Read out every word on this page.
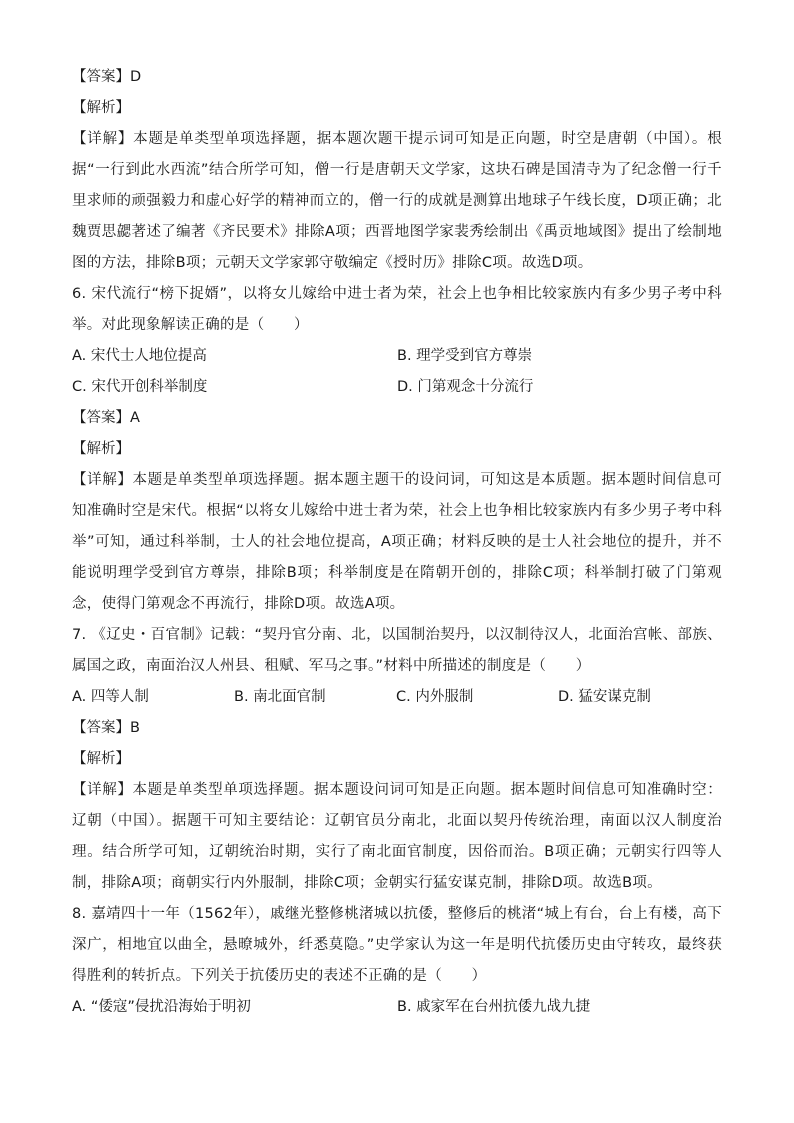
【答案】D
【解析】
【详解】本题是单类型单项选择题，据本题次题干提示词可知是正向题，时空是唐朝（中国）。根据“一行到此水西流”结合所学可知，僧一行是唐朝天文学家，这块石碑是国清寺为了纪念僧一行千里求师的顽强毅力和虚心好学的精神而立的，僧一行的成就是测算出地球子午线长度，D项正确；北魏贾思勰著述了编著《齐民要术》排除A项；西晋地图学家裴秀绘制出《禹贡地域图》提出了绘制地图的方法，排除B项；元朝天文学家郭守敬编定《授时历》排除C项。故选D项。
6. 宋代流行“榜下捉婿”，以将女儿嫁给中进士者为荣，社会上也争相比较家族内有多少男子考中科举。对此现象解读正确的是（　　）
A. 宋代士人地位提高	B. 理学受到官方尊崇
C. 宋代开创科举制度	D. 门第观念十分流行
【答案】A
【解析】
【详解】本题是单类型单项选择题。据本题主题干的设问词，可知这是本质题。据本题时间信息可知准确时空是宋代。根据“以将女儿嫁给中进士者为荣，社会上也争相比较家族内有多少男子考中科举”可知，通过科举制，士人的社会地位提高，A项正确；材料反映的是士人社会地位的提升，并不能说明理学受到官方尊崇，排除B项；科举制度是在隋朝开创的，排除C项；科举制打破了门第观念，使得门第观念不再流行，排除D项。故选A项。
7. 《辽史・百官制》记载：“契丹官分南、北，以国制治契丹，以汉制待汉人，北面治宫帐、部族、属国之政，南面治汉人州县、租赋、军马之事。”材料中所描述的制度是（　　）
A. 四等人制	B. 南北面官制	C. 内外服制	D. 猛安谋克制
【答案】B
【解析】
【详解】本题是单类型单项选择题。据本题设问词可知是正向题。据本题时间信息可知准确时空：辽朝（中国）。据题干可知主要结论：辽朝官员分南北，北面以契丹传统治理，南面以汉人制度治理。结合所学可知，辽朝统治时期，实行了南北面官制度，因俗而治。B项正确；元朝实行四等人制，排除A项；商朝实行内外服制，排除C项；金朝实行猛安谋克制，排除D项。故选B项。
8. 嘉靖四十一年（1562年），戚继光整修桃渚城以抗倭，整修后的桃渚“城上有台，台上有楼，高下深广，相地宜以曲全，悬暸城外，纤悉莫隐。”史学家认为这一年是明代抗倭历史由守转攻，最终获得胜利的转折点。下列关于抗倭历史的表述不正确的是（　　）
A. “倭寇”侵扰沿海始于明初	B. 戚家军在台州抗倭九战九捷
